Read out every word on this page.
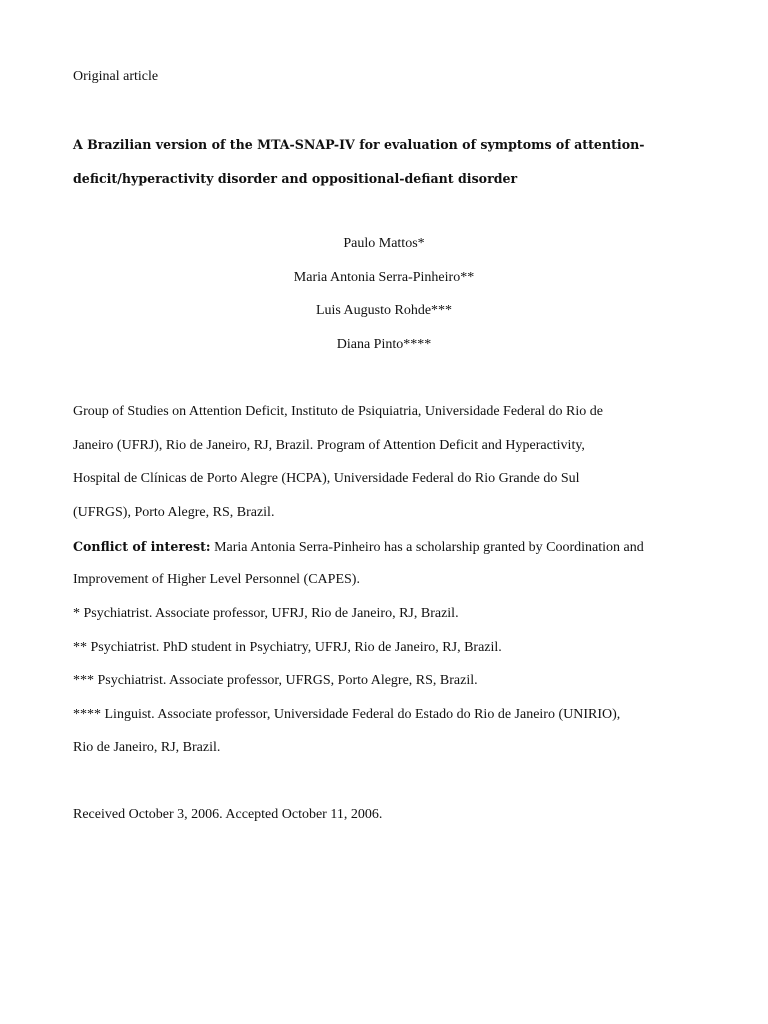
Original article
A Brazilian version of the MTA-SNAP-IV for evaluation of symptoms of attention-
deficit/hyperactivity disorder and oppositional-defiant disorder
Paulo Mattos*
Maria Antonia Serra-Pinheiro**
Luis Augusto Rohde***
Diana Pinto****
Group of Studies on Attention Deficit, Instituto de Psiquiatria, Universidade Federal do Rio de
Janeiro (UFRJ), Rio de Janeiro, RJ, Brazil. Program of Attention Deficit and Hyperactivity,
Hospital de Clínicas de Porto Alegre (HCPA), Universidade Federal do Rio Grande do Sul
(UFRGS), Porto Alegre, RS, Brazil.
Conflict of interest: Maria Antonia Serra-Pinheiro has a scholarship granted by Coordination and
Improvement of Higher Level Personnel (CAPES).
* Psychiatrist. Associate professor, UFRJ, Rio de Janeiro, RJ, Brazil.
** Psychiatrist. PhD student in Psychiatry, UFRJ, Rio de Janeiro, RJ, Brazil.
*** Psychiatrist. Associate professor, UFRGS, Porto Alegre, RS, Brazil.
**** Linguist. Associate professor, Universidade Federal do Estado do Rio de Janeiro (UNIRIO),
Rio de Janeiro, RJ, Brazil.
Received October 3, 2006. Accepted October 11, 2006.
